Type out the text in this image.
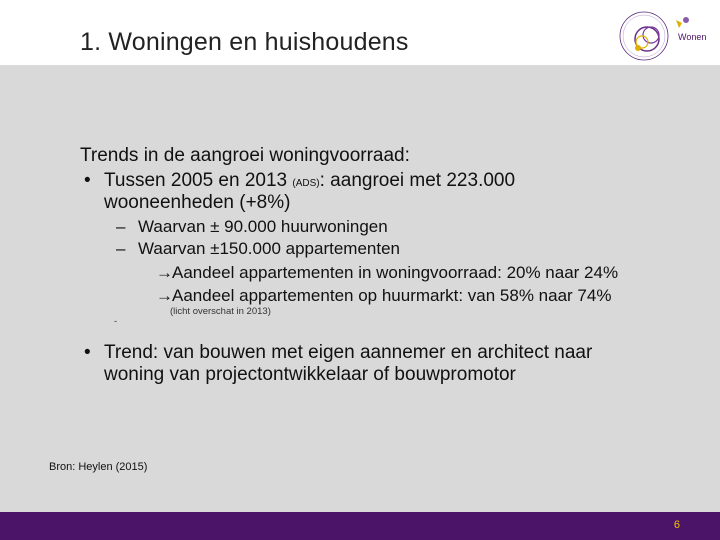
1. Woningen en huishoudens	Wonen
Trends in de aangroei woningvoorraad:
• Tussen 2005 en 2013 (ADS): aangroei met 223.000
wooneenheden (+8%)
– Waarvan ± 90.000 huurwoningen
– Waarvan ±150.000 appartementen
→ Aandeel appartementen in woningvoorraad: 20% naar 24%
→ Aandeel appartementen op huurmarkt: van 58% naar 74%
(licht overschat in 2013)
-
• Trend: van bouwen met eigen aannemer en architect naar
woning van projectontwikkelaar of bouwpromotor
Bron: Heylen (2015)
6
